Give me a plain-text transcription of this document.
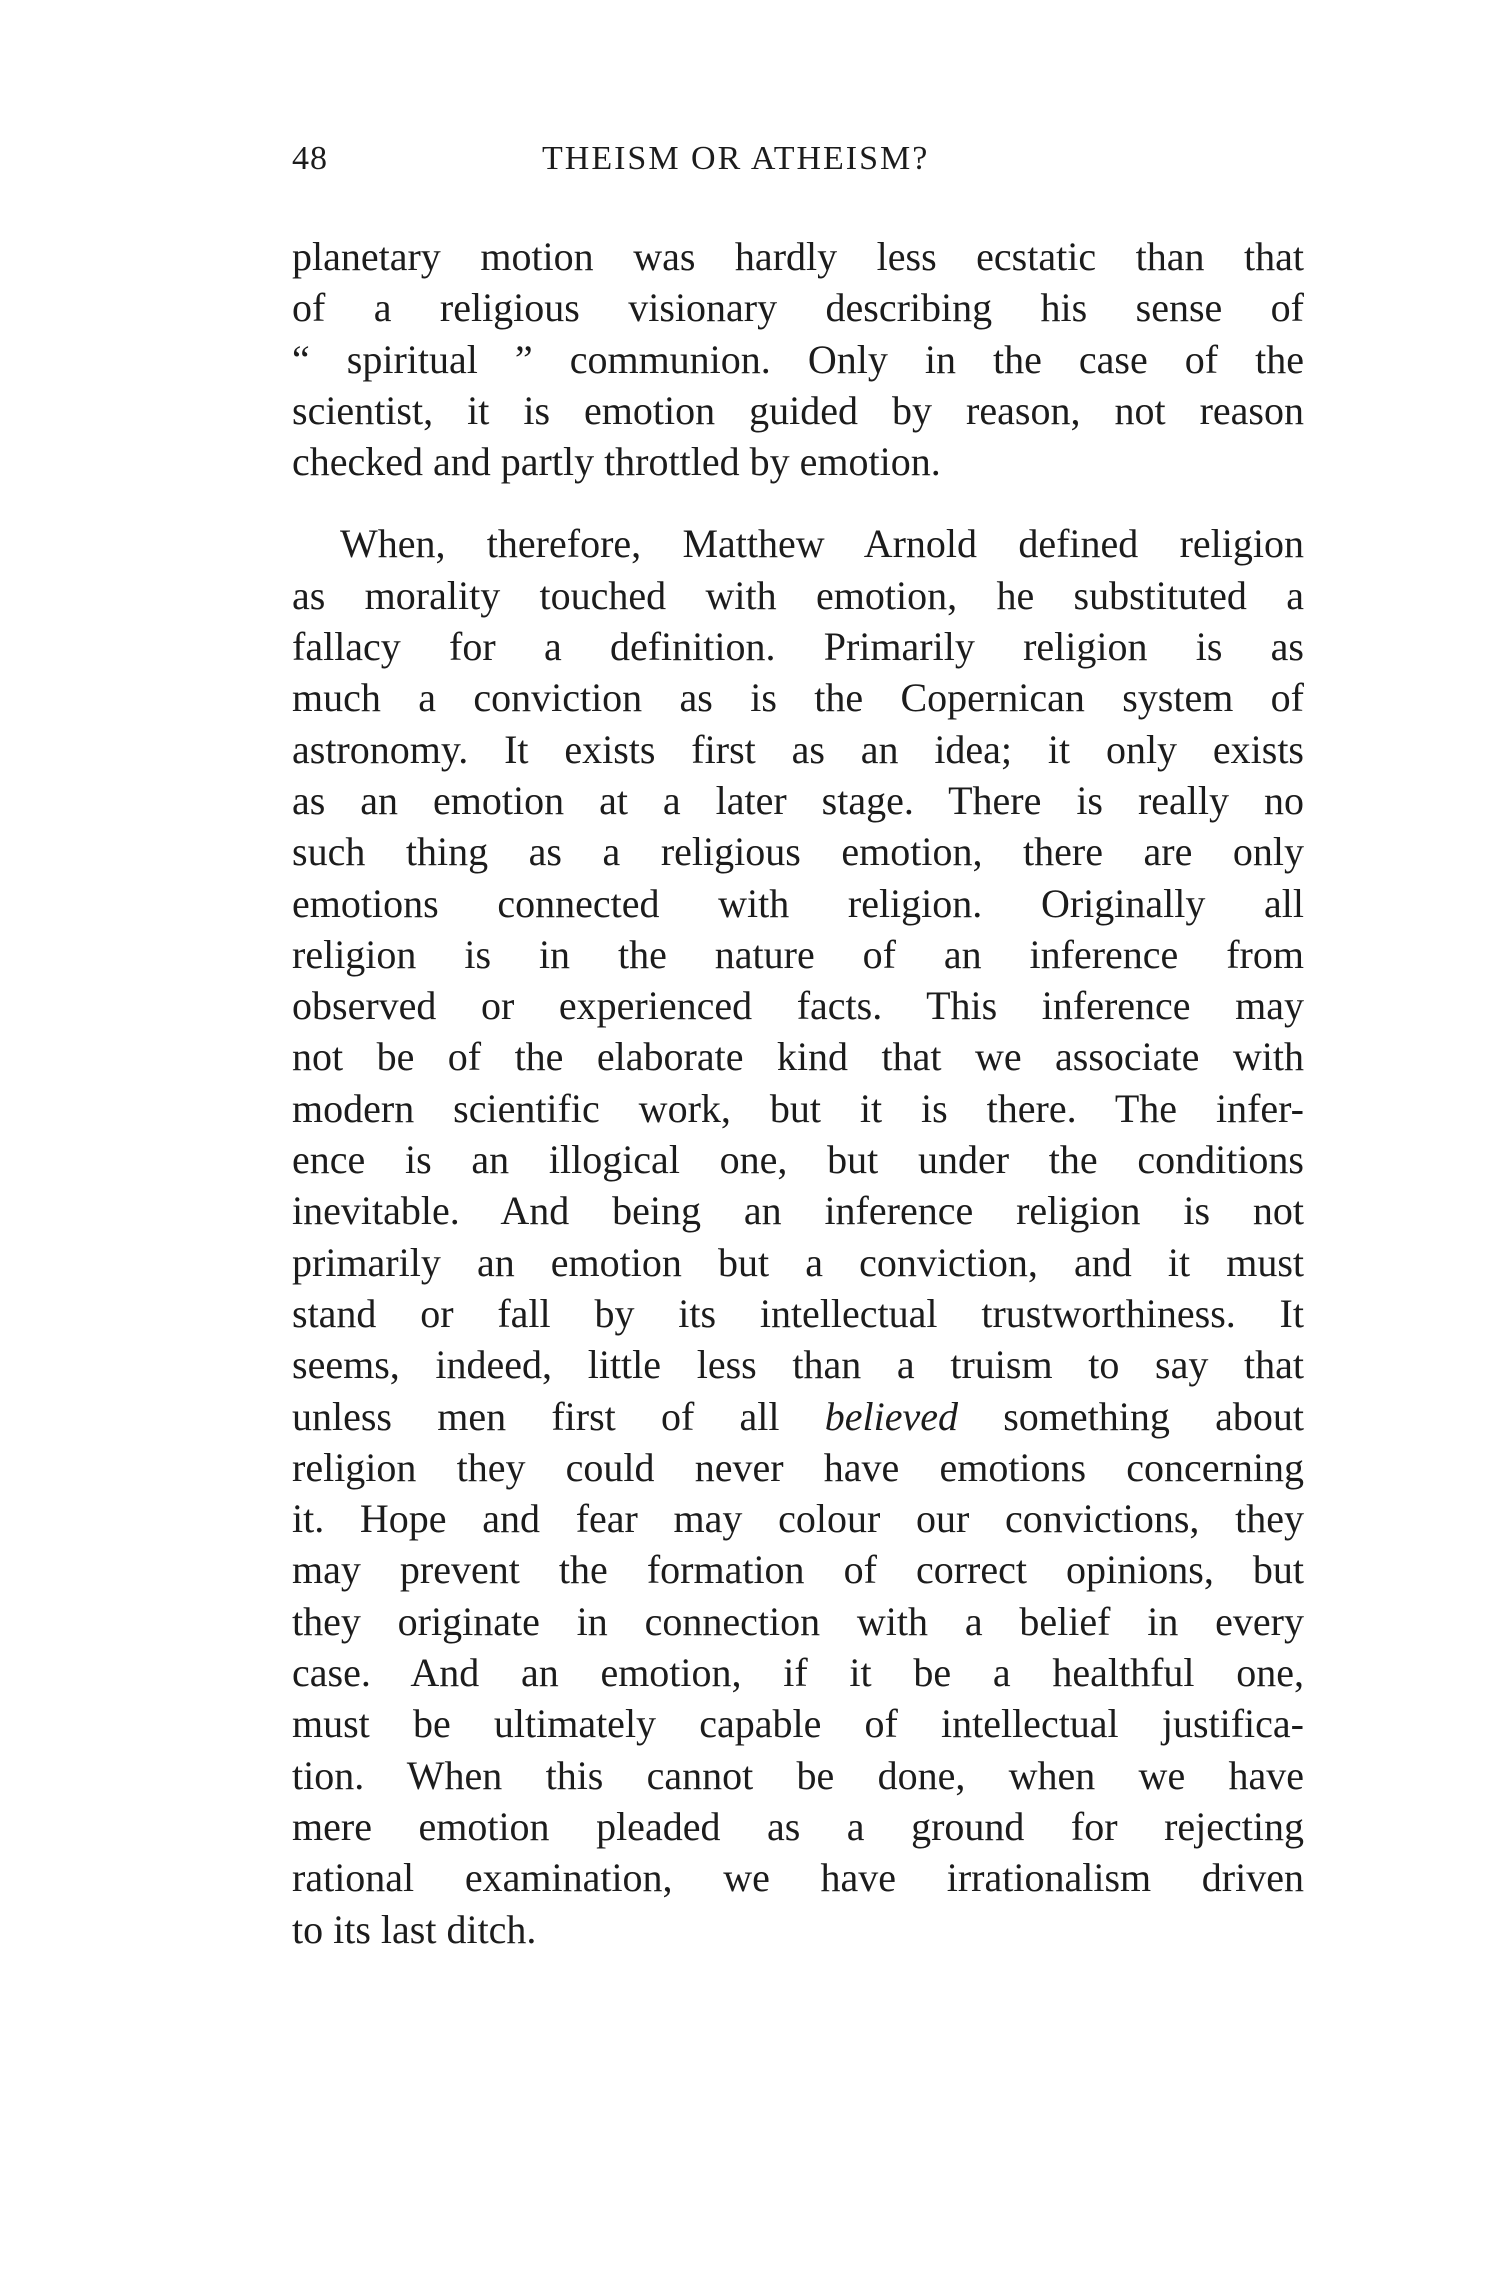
48	THEISM OR ATHEISM?
planetary motion was hardly less ecstatic than that
of a religious visionary describing his sense of
“ spiritual ” communion. Only in the case of the
scientist, it is emotion guided by reason, not reason
checked and partly throttled by emotion.
When, therefore, Matthew Arnold defined religion
as morality touched with emotion, he substituted a
fallacy for a definition. Primarily religion is as
much a conviction as is the Copernican system of
astronomy. It exists first as an idea; it only exists
as an emotion at a later stage. There is really no
such thing as a religious emotion, there are only
emotions connected with religion. Originally all
religion is in the nature of an inference from
observed or experienced facts. This inference may
not be of the elaborate kind that we associate with
modern scientific work, but it is there. The infer-
ence is an illogical one, but under the conditions
inevitable. And being an inference religion is not
primarily an emotion but a conviction, and it must
stand or fall by its intellectual trustworthiness. It
seems, indeed, little less than a truism to say that
unless men first of all believed something about
religion they could never have emotions concerning
it. Hope and fear may colour our convictions, they
may prevent the formation of correct opinions, but
they originate in connection with a belief in every
case. And an emotion, if it be a healthful one,
must be ultimately capable of intellectual justifica-
tion. When this cannot be done, when we have
mere emotion pleaded as a ground for rejecting
rational examination, we have irrationalism driven
to its last ditch.
